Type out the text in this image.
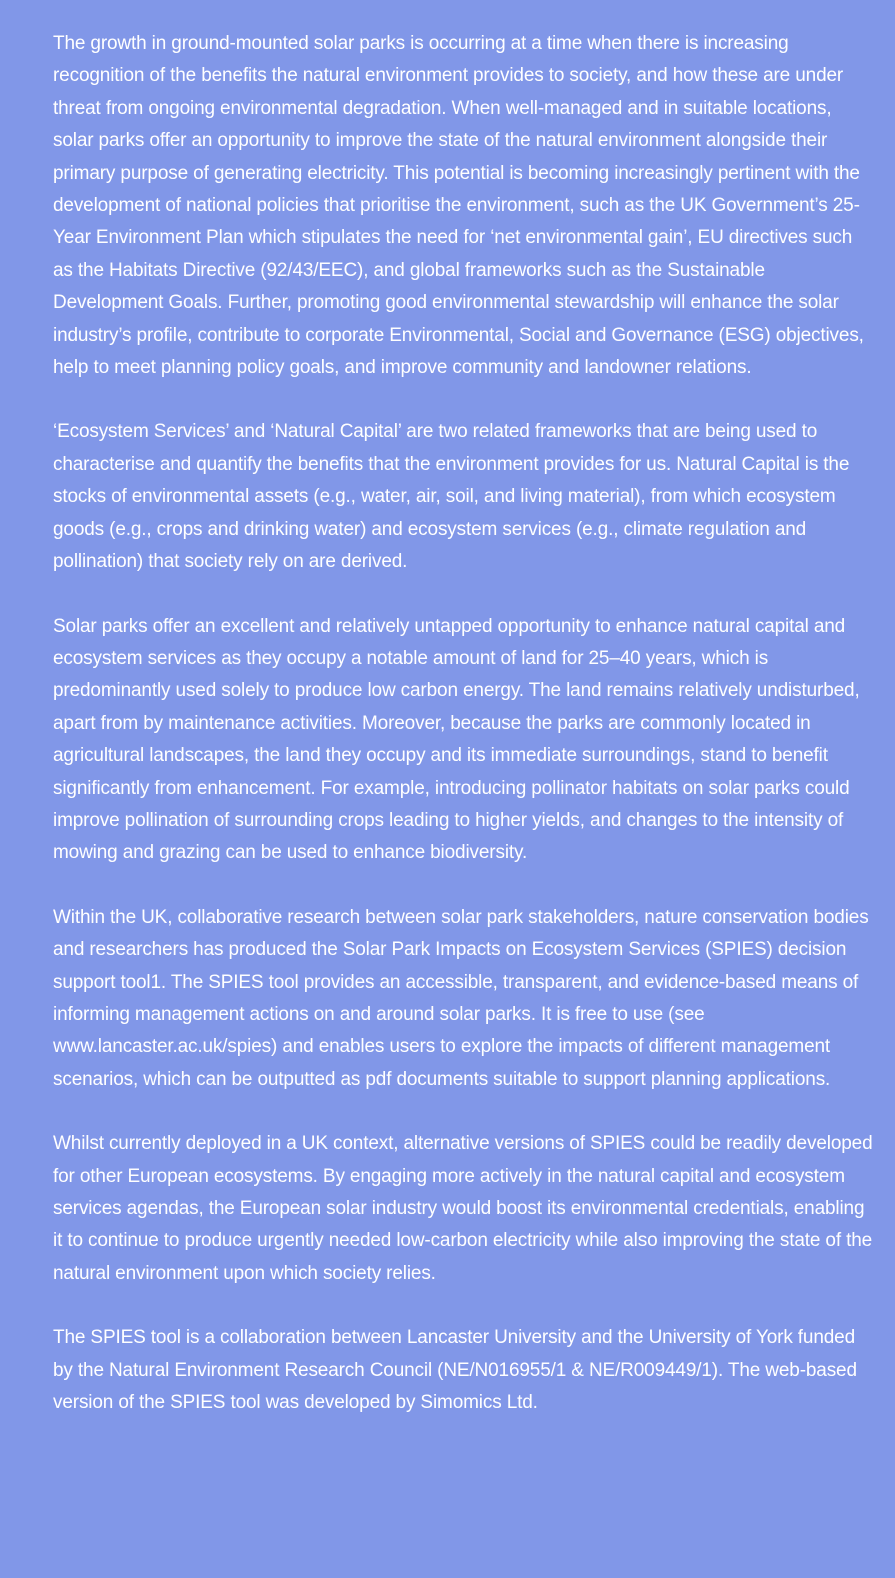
The growth in ground-mounted solar parks is occurring at a time when there is increasing recognition of the benefits the natural environment provides to society, and how these are under threat from ongoing environmental degradation. When well-managed and in suitable locations, solar parks offer an opportunity to improve the state of the natural environment alongside their primary purpose of generating electricity. This potential is becoming increasingly pertinent with the development of national policies that prioritise the environment, such as the UK Government’s 25-Year Environment Plan which stipulates the need for ‘net environmental gain’, EU directives such as the Habitats Directive (92/43/EEC), and global frameworks such as the Sustainable Development Goals. Further, promoting good environmental stewardship will enhance the solar industry’s profile, contribute to corporate Environmental, Social and Governance (ESG) objectives, help to meet planning policy goals, and improve community and landowner relations.

‘Ecosystem Services’ and ‘Natural Capital’ are two related frameworks that are being used to characterise and quantify the benefits that the environment provides for us. Natural Capital is the stocks of environmental assets (e.g., water, air, soil, and living material), from which ecosystem goods (e.g., crops and drinking water) and ecosystem services (e.g., climate regulation and pollination) that society rely on are derived.

Solar parks offer an excellent and relatively untapped opportunity to enhance natural capital and ecosystem services as they occupy a notable amount of land for 25–40 years, which is predominantly used solely to produce low carbon energy. The land remains relatively undisturbed, apart from by maintenance activities. Moreover, because the parks are commonly located in agricultural landscapes, the land they occupy and its immediate surroundings, stand to benefit significantly from enhancement. For example, introducing pollinator habitats on solar parks could improve pollination of surrounding crops leading to higher yields, and changes to the intensity of mowing and grazing can be used to enhance biodiversity.

Within the UK, collaborative research between solar park stakeholders, nature conservation bodies and researchers has produced the Solar Park Impacts on Ecosystem Services (SPIES) decision support tool1. The SPIES tool provides an accessible, transparent, and evidence-based means of informing management actions on and around solar parks. It is free to use (see www.lancaster.ac.uk/spies) and enables users to explore the impacts of different management scenarios, which can be outputted as pdf documents suitable to support planning applications.

Whilst currently deployed in a UK context, alternative versions of SPIES could be readily developed for other European ecosystems. By engaging more actively in the natural capital and ecosystem services agendas, the European solar industry would boost its environmental credentials, enabling it to continue to produce urgently needed low-carbon electricity while also improving the state of the natural environment upon which society relies.

The SPIES tool is a collaboration between Lancaster University and the University of York funded by the Natural Environment Research Council (NE/N016955/1 & NE/R009449/1). The web-based version of the SPIES tool was developed by Simomics Ltd.
